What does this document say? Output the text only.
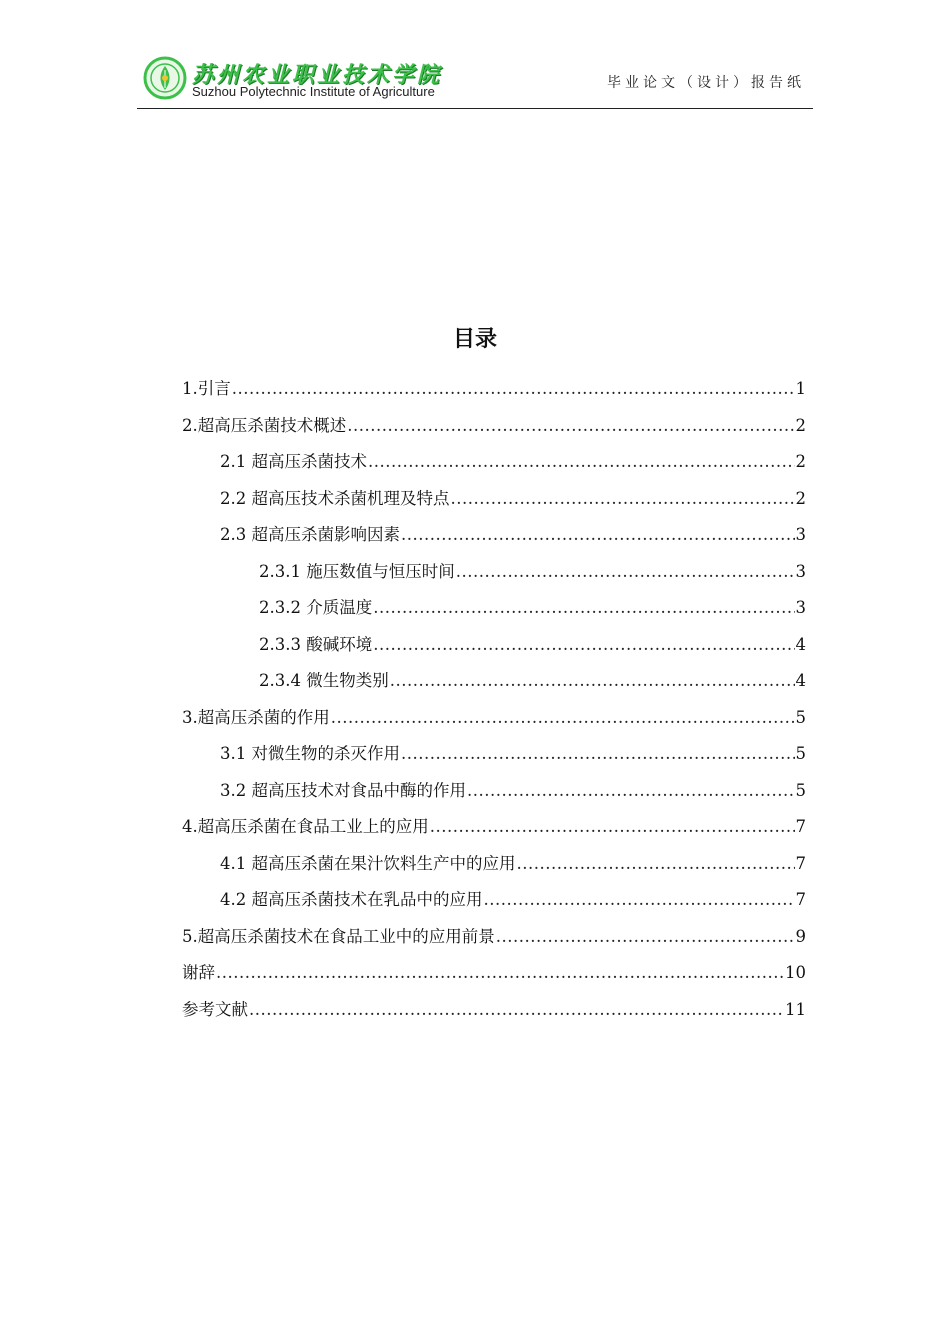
苏州农业职业技术学院
Suzhou Polytechnic Institute of Agriculture
毕业论文（设计）报告纸
目录
1.引言 .....	1
2.超高压杀菌技术概述 .....	2
2.1 超高压杀菌技术 .....	2
2.2 超高压技术杀菌机理及特点 .....	2
2.3 超高压杀菌影响因素 .....	3
2.3.1 施压数值与恒压时间 .....	3
2.3.2 介质温度 .....	3
2.3.3 酸碱环境 .....	4
2.3.4 微生物类别 .....	4
3.超高压杀菌的作用 .....	5
3.1 对微生物的杀灭作用 .....	5
3.2 超高压技术对食品中酶的作用 .....	5
4.超高压杀菌在食品工业上的应用 .....	7
4.1 超高压杀菌在果汁饮料生产中的应用 .....	7
4.2 超高压杀菌技术在乳品中的应用 .....	7
5.超高压杀菌技术在食品工业中的应用前景 .....	9
谢辞 .....	10
参考文献 .....	11
